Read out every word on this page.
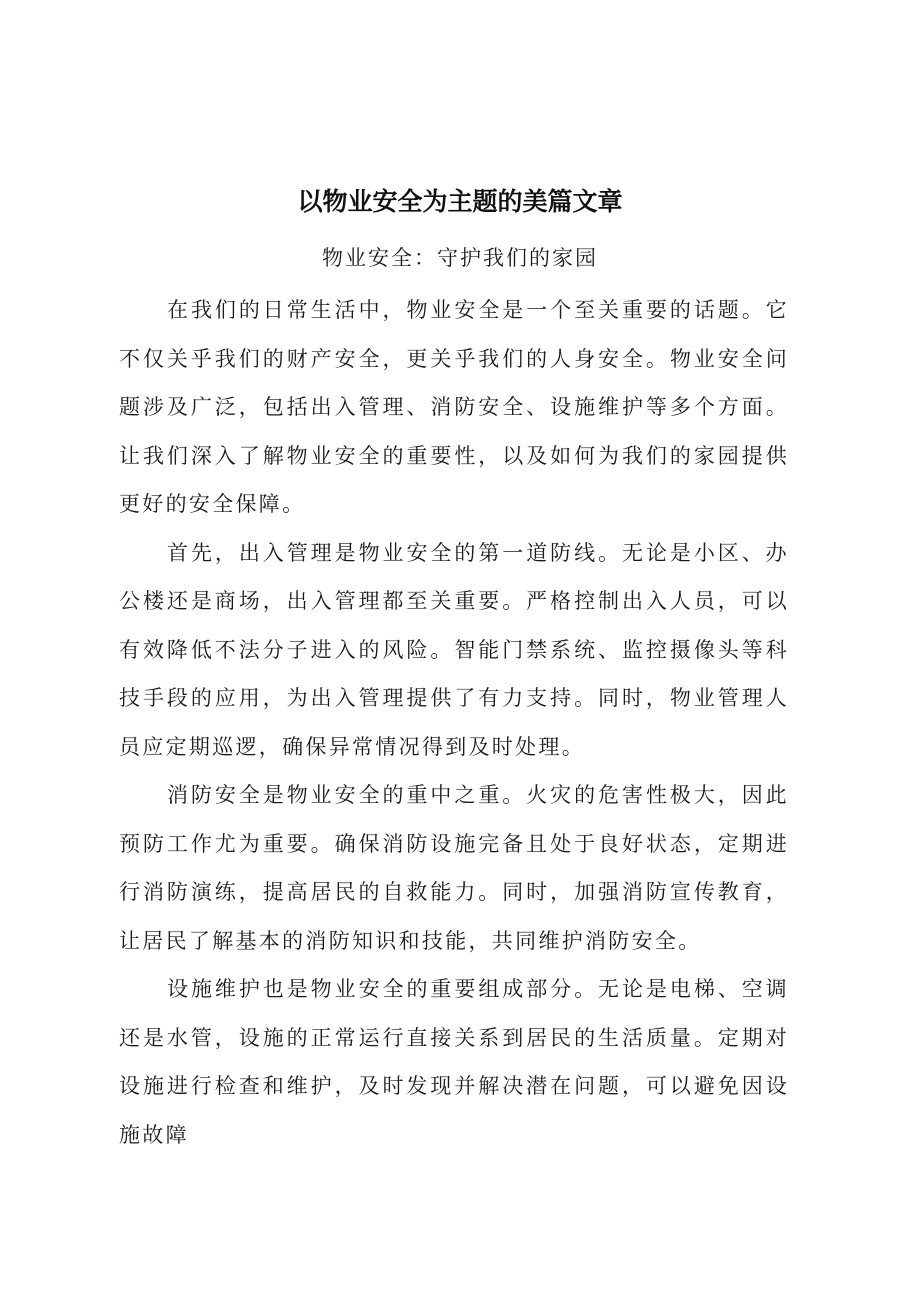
以物业安全为主题的美篇文章
物业安全：守护我们的家园

在我们的日常生活中，物业安全是一个至关重要的话题。它不仅关乎我们的财产安全，更关乎我们的人身安全。物业安全问题涉及广泛，包括出入管理、消防安全、设施维护等多个方面。让我们深入了解物业安全的重要性，以及如何为我们的家园提供更好的安全保障。

首先，出入管理是物业安全的第一道防线。无论是小区、办公楼还是商场，出入管理都至关重要。严格控制出入人员，可以有效降低不法分子进入的风险。智能门禁系统、监控摄像头等科技手段的应用，为出入管理提供了有力支持。同时，物业管理人员应定期巡逻，确保异常情况得到及时处理。

消防安全是物业安全的重中之重。火灾的危害性极大，因此预防工作尤为重要。确保消防设施完备且处于良好状态，定期进行消防演练，提高居民的自救能力。同时，加强消防宣传教育，让居民了解基本的消防知识和技能，共同维护消防安全。

设施维护也是物业安全的重要组成部分。无论是电梯、空调还是水管，设施的正常运行直接关系到居民的生活质量。定期对设施进行检查和维护，及时发现并解决潜在问题，可以避免因设施故障
